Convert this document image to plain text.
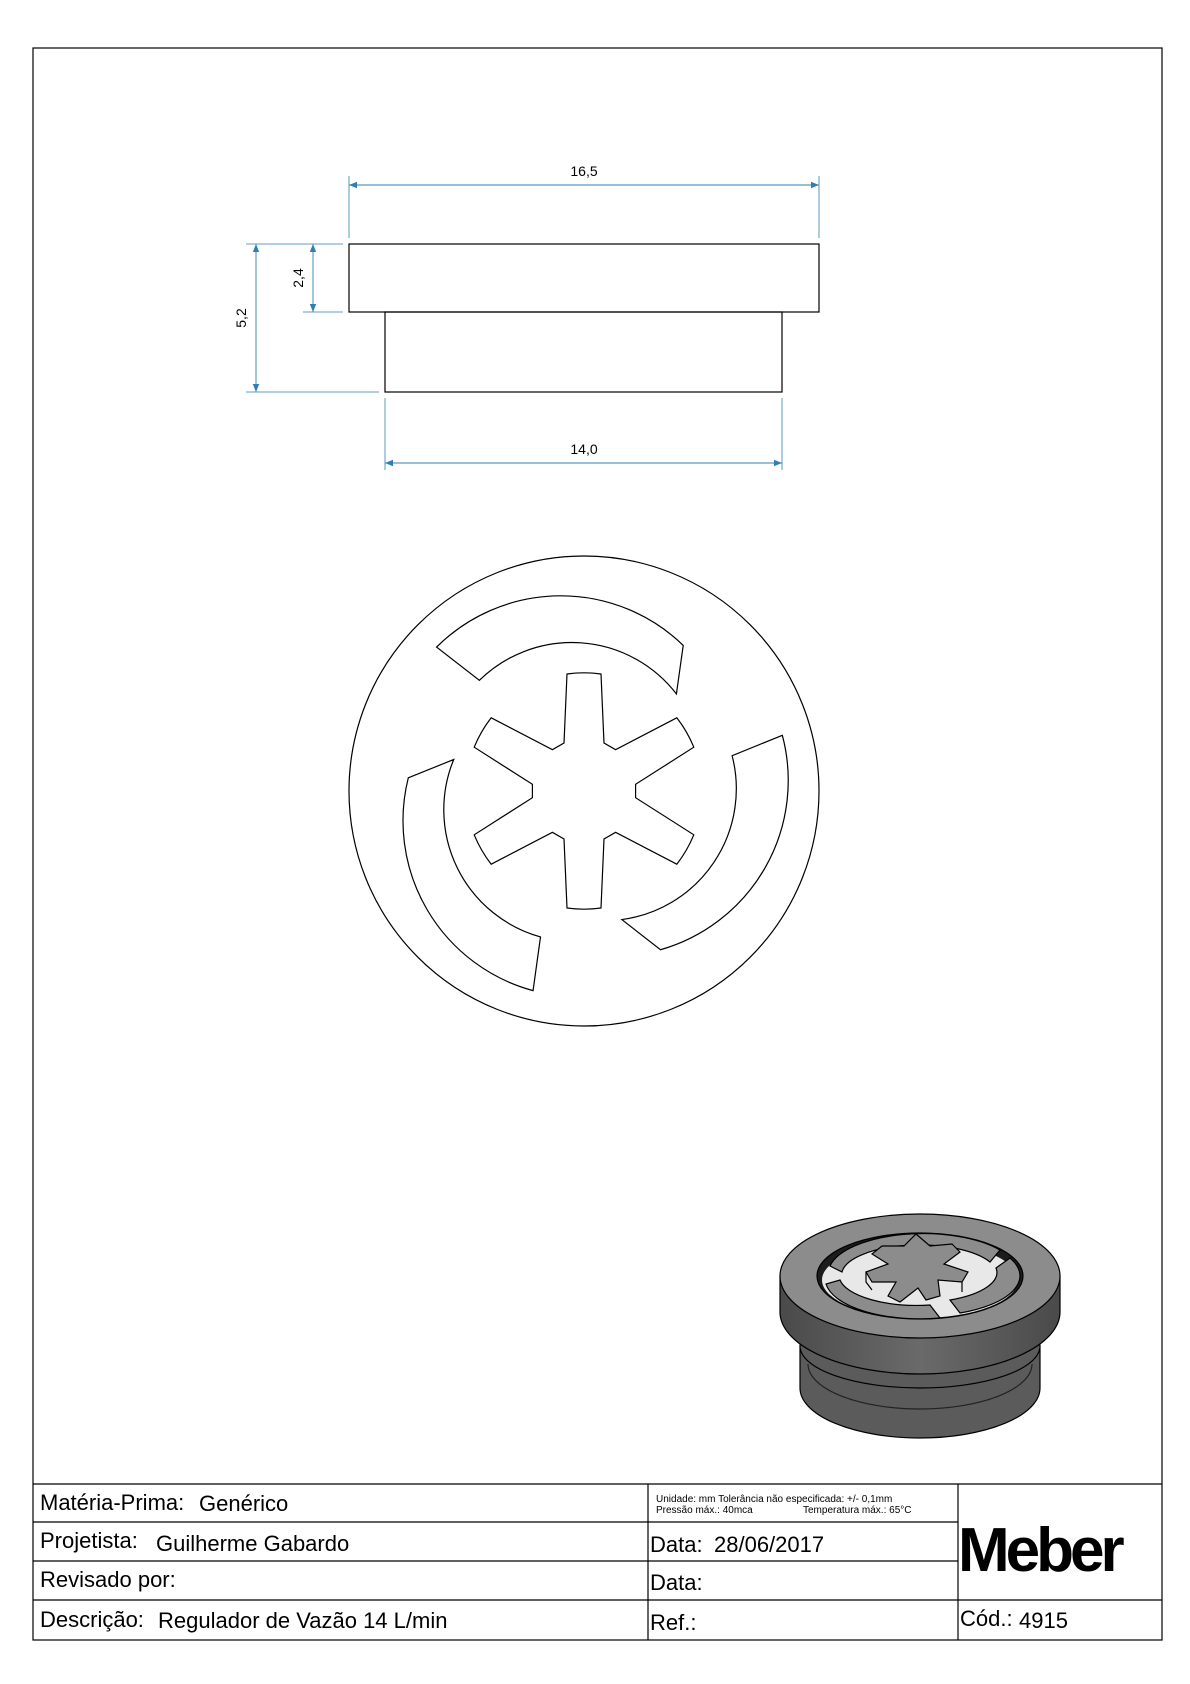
16,5
14,0
2,4
5,2
Matéria-Prima: Genérico
Projetista: Guilherme Gabardo
Revisado por:
Descrição: Regulador de Vazão 14 L/min
Unidade: mm Tolerância não especificada: +/- 0,1mm
Pressão máx.: 40mca	Temperatura máx.: 65°C
Data: 28/06/2017
Data:
Ref.:	Cód.: 4915
Meber
